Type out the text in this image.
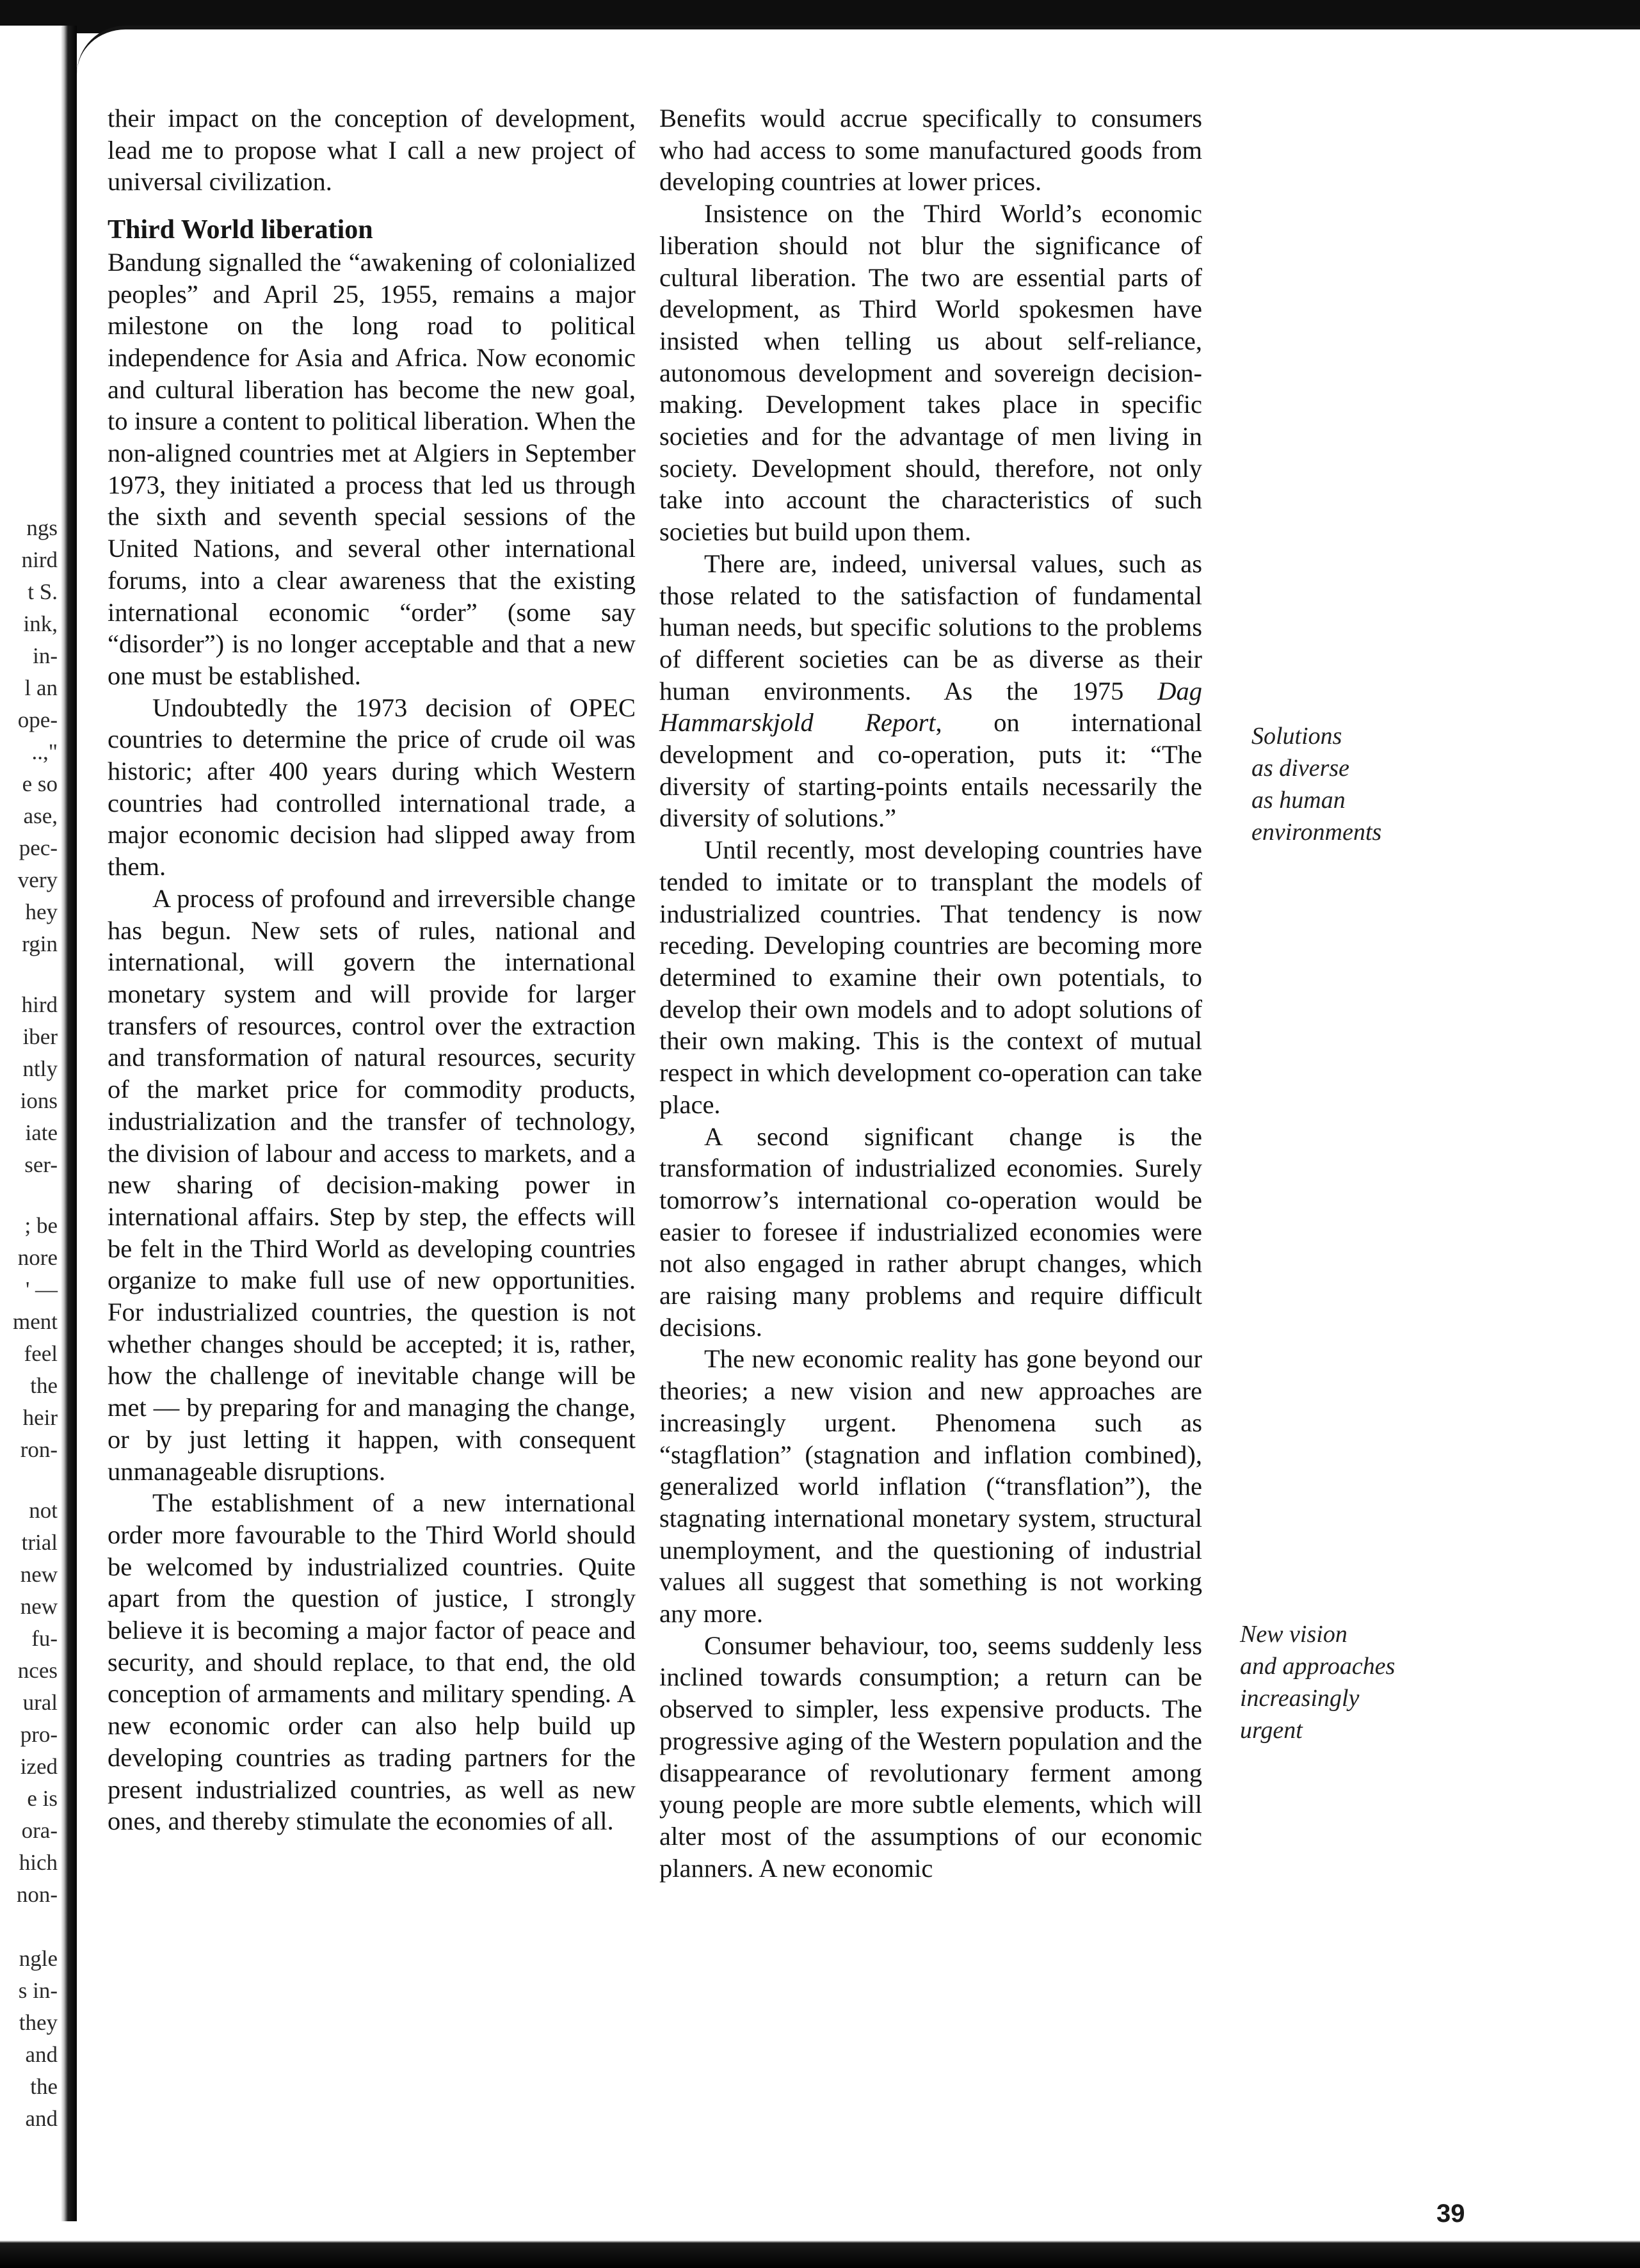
ngs
nird
t S.
ink,
in-
l an
ope-
..,"
e so
ase,
pec-
very
hey
rgin
hird
iber
ntly
ions
iate
ser-
; be
nore
' —
ment
feel
the
heir
ron-
not
trial
new
new
fu-
nces
ural
pro-
ized
e is
ora-
hich
non-
ngle
s in-
they
and
the
and

their impact on the conception of development, lead me to propose what I call a new project of universal civilization.

Third World liberation

Bandung signalled the “awakening of colonialized peoples” and April 25, 1955, remains a major milestone on the long road to political independence for Asia and Africa. Now economic and cultural liberation has become the new goal, to insure a content to political liberation. When the non-aligned countries met at Algiers in September 1973, they initiated a process that led us through the sixth and seventh special sessions of the United Nations, and several other international forums, into a clear awareness that the existing international economic “order” (some say “disorder”) is no longer acceptable and that a new one must be established.

Undoubtedly the 1973 decision of OPEC countries to determine the price of crude oil was historic; after 400 years during which Western countries had controlled international trade, a major economic decision had slipped away from them.

A process of profound and irreversible change has begun. New sets of rules, national and international, will govern the international monetary system and will provide for larger transfers of resources, control over the extraction and transformation of natural resources, security of the market price for commodity products, industrialization and the transfer of technology, the division of labour and access to markets, and a new sharing of decision-making power in international affairs. Step by step, the effects will be felt in the Third World as developing countries organize to make full use of new opportunities. For industrialized countries, the question is not whether changes should be accepted; it is, rather, how the challenge of inevitable change will be met — by preparing for and managing the change, or by just letting it happen, with consequent unmanageable disruptions.

The establishment of a new international order more favourable to the Third World should be welcomed by industrialized countries. Quite apart from the question of justice, I strongly believe it is becoming a major factor of peace and security, and should replace, to that end, the old conception of armaments and military spending. A new economic order can also help build up developing countries as trading partners for the present industrialized countries, as well as new ones, and thereby stimulate the economies of all.

Benefits would accrue specifically to consumers who had access to some manufactured goods from developing countries at lower prices.

Insistence on the Third World’s economic liberation should not blur the significance of cultural liberation. The two are essential parts of development, as Third World spokesmen have insisted when telling us about self-reliance, autonomous development and sovereign decision-making. Development takes place in specific societies and for the advantage of men living in society. Development should, therefore, not only take into account the characteristics of such societies but build upon them.

There are, indeed, universal values, such as those related to the satisfaction of fundamental human needs, but specific solutions to the problems of different societies can be as diverse as their human environments. As the 1975 Dag Hammarskjold Report, on international development and co-operation, puts it: “The diversity of starting-points entails necessarily the diversity of solutions.”

Until recently, most developing countries have tended to imitate or to transplant the models of industrialized countries. That tendency is now receding. Developing countries are becoming more determined to examine their own potentials, to develop their own models and to adopt solutions of their own making. This is the context of mutual respect in which development co-operation can take place.

A second significant change is the transformation of industrialized economies. Surely tomorrow’s international co-operation would be easier to foresee if industrialized economies were not also engaged in rather abrupt changes, which are raising many problems and require difficult decisions.

The new economic reality has gone beyond our theories; a new vision and new approaches are increasingly urgent. Phenomena such as “stagflation” (stagnation and inflation combined), generalized world inflation (“transflation”), the stagnating international monetary system, structural unemployment, and the questioning of industrial values all suggest that something is not working any more.

Consumer behaviour, too, seems suddenly less inclined towards consumption; a return can be observed to simpler, less expensive products. The progressive aging of the Western population and the disappearance of revolutionary ferment among young people are more subtle elements, which will alter most of the assumptions of our economic planners. A new economic

Solutions
as diverse
as human
environments
New vision
and approaches
increasingly
urgent
39
